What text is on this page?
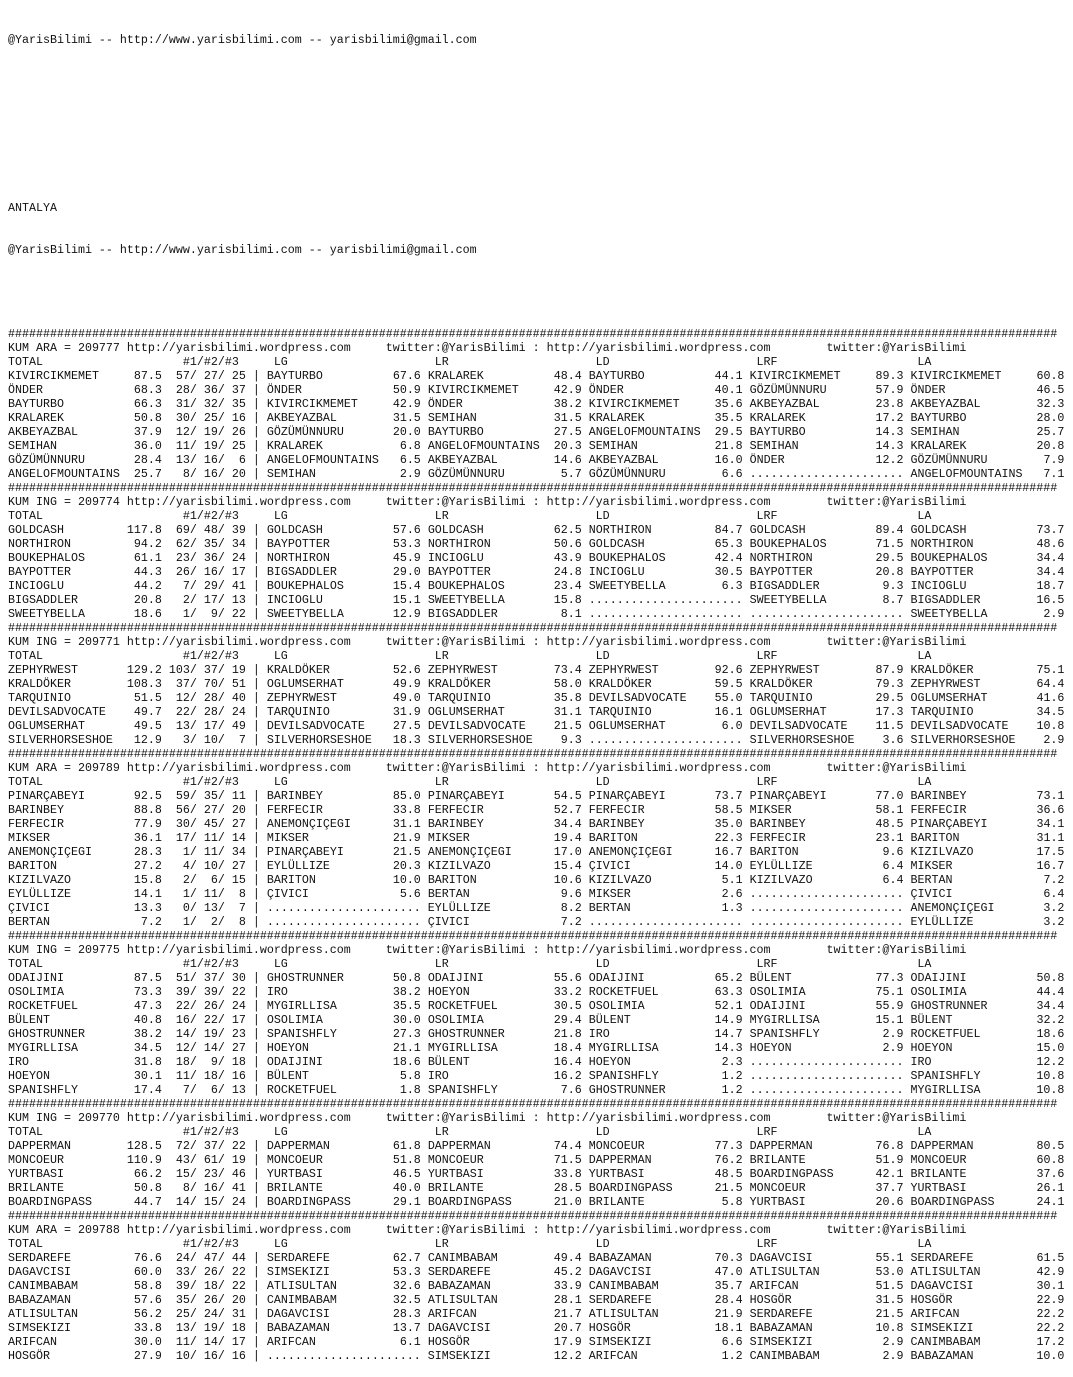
@YarisBilimi -- http://www.yarisbilimi.com -- yarisbilimi@gmail.com

ANTALYA

@YarisBilimi -- http://www.yarisbilimi.com -- yarisbilimi@gmail.com

######################################################################################################################################################
KUM ARA = 209777 http://yarisbilimi.wordpress.com	twitter:@YarisBilimi : http://yarisbilimi.wordpress.com	twitter:@YarisBilimi
TOTAL                    #1/#2/#3     LG                     LR                     LD                     LRF                    LA
KIVIRCIKMEMET     87.5  57/ 27/ 25 | BAYTURBO          67.6 KRALAREK          48.4 BAYTURBO          44.1 KIVIRCIKMEMET     89.3 KIVIRCIKMEMET     60.8
ÖNDER             68.3  28/ 36/ 37 | ÖNDER             50.9 KIVIRCIKMEMET     42.9 ÖNDER             40.1 GÖZÜMÜNNURU       57.9 ÖNDER             46.5
BAYTURBO          66.3  31/ 32/ 35 | KIVIRCIKMEMET     42.9 ÖNDER             38.2 KIVIRCIKMEMET     35.6 AKBEYAZBAL        23.8 AKBEYAZBAL        32.3
KRALAREK          50.8  30/ 25/ 16 | AKBEYAZBAL        31.5 SEMIHAN           31.5 KRALAREK          35.5 KRALAREK          17.2 BAYTURBO          28.0
AKBEYAZBAL        37.9  12/ 19/ 26 | GÖZÜMÜNNURU       20.0 BAYTURBO          27.5 ANGELOFMOUNTAINS  29.5 BAYTURBO          14.3 SEMIHAN           25.7
SEMIHAN           36.0  11/ 19/ 25 | KRALAREK           6.8 ANGELOFMOUNTAINS  20.3 SEMIHAN           21.8 SEMIHAN           14.3 KRALAREK          20.8
GÖZÜMÜNNURU       28.4  13/ 16/  6 | ANGELOFMOUNTAINS   6.5 AKBEYAZBAL        14.6 AKBEYAZBAL        16.0 ÖNDER             12.2 GÖZÜMÜNNURU        7.9
ANGELOFMOUNTAINS  25.7   8/ 16/ 20 | SEMIHAN            2.9 GÖZÜMÜNNURU        5.7 GÖZÜMÜNNURU        6.6 ...................... ANGELOFMOUNTAINS   7.1
######################################################################################################################################################
KUM ING = 209774 http://yarisbilimi.wordpress.com	twitter:@YarisBilimi : http://yarisbilimi.wordpress.com	twitter:@YarisBilimi
TOTAL                    #1/#2/#3     LG                     LR                     LD                     LRF                    LA
GOLDCASH         117.8  69/ 48/ 39 | GOLDCASH          57.6 GOLDCASH          62.5 NORTHIRON         84.7 GOLDCASH          89.4 GOLDCASH          73.7
NORTHIRON         94.2  62/ 35/ 34 | BAYPOTTER         53.3 NORTHIRON         50.6 GOLDCASH          65.3 BOUKEPHALOS       71.5 NORTHIRON         48.6
BOUKEPHALOS       61.1  23/ 36/ 24 | NORTHIRON         45.9 INCIOGLU          43.9 BOUKEPHALOS       42.4 NORTHIRON         29.5 BOUKEPHALOS       34.4
BAYPOTTER         44.3  26/ 16/ 17 | BIGSADDLER        29.0 BAYPOTTER         24.8 INCIOGLU          30.5 BAYPOTTER         20.8 BAYPOTTER         34.4
INCIOGLU          44.2   7/ 29/ 41 | BOUKEPHALOS       15.4 BOUKEPHALOS       23.4 SWEETYBELLA        6.3 BIGSADDLER         9.3 INCIOGLU          18.7
BIGSADDLER        20.8   2/ 17/ 13 | INCIOGLU          15.1 SWEETYBELLA       15.8 ...................... SWEETYBELLA        8.7 BIGSADDLER        16.5
SWEETYBELLA       18.6   1/  9/ 22 | SWEETYBELLA       12.9 BIGSADDLER         8.1 ...................... ...................... SWEETYBELLA        2.9
######################################################################################################################################################
KUM ING = 209771 http://yarisbilimi.wordpress.com	twitter:@YarisBilimi : http://yarisbilimi.wordpress.com	twitter:@YarisBilimi
TOTAL                    #1/#2/#3     LG                     LR                     LD                     LRF                    LA
ZEPHYRWEST       129.2 103/ 37/ 19 | KRALDÖKER         52.6 ZEPHYRWEST        73.4 ZEPHYRWEST        92.6 ZEPHYRWEST        87.9 KRALDÖKER         75.1
KRALDÖKER        108.3  37/ 70/ 51 | OGLUMSERHAT       49.9 KRALDÖKER         58.0 KRALDÖKER         59.5 KRALDÖKER         79.3 ZEPHYRWEST        64.4
TARQUINIO         51.5  12/ 28/ 40 | ZEPHYRWEST        49.0 TARQUINIO         35.8 DEVILSADVOCATE    55.0 TARQUINIO         29.5 OGLUMSERHAT       41.6
DEVILSADVOCATE    49.7  22/ 28/ 24 | TARQUINIO         31.9 OGLUMSERHAT       31.1 TARQUINIO         16.1 OGLUMSERHAT       17.3 TARQUINIO         34.5
OGLUMSERHAT       49.5  13/ 17/ 49 | DEVILSADVOCATE    27.5 DEVILSADVOCATE    21.5 OGLUMSERHAT        6.0 DEVILSADVOCATE    11.5 DEVILSADVOCATE    10.8
SILVERHORSESHOE   12.9   3/ 10/  7 | SILVERHORSESHOE   18.3 SILVERHORSESHOE    9.3 ...................... SILVERHORSESHOE    3.6 SILVERHORSESHOE    2.9
######################################################################################################################################################
KUM ARA = 209789 http://yarisbilimi.wordpress.com	twitter:@YarisBilimi : http://yarisbilimi.wordpress.com	twitter:@YarisBilimi
TOTAL                    #1/#2/#3     LG                     LR                     LD                     LRF                    LA
PINARÇABEYI       92.5  59/ 35/ 11 | BARINBEY          85.0 PINARÇABEYI       54.5 PINARÇABEYI       73.7 PINARÇABEYI       77.0 BARINBEY          73.1
BARINBEY          88.8  56/ 27/ 20 | FERFECIR          33.8 FERFECIR          52.7 FERFECIR          58.5 MIKSER            58.1 FERFECIR          36.6
FERFECIR          77.9  30/ 45/ 27 | ANEMONÇIÇEGI      31.1 BARINBEY          34.4 BARINBEY          35.0 BARINBEY          48.5 PINARÇABEYI       34.1
MIKSER            36.1  17/ 11/ 14 | MIKSER            21.9 MIKSER            19.4 BARITON           22.3 FERFECIR          23.1 BARITON           31.1
ANEMONÇIÇEGI      28.3   1/ 11/ 34 | PINARÇABEYI       21.5 ANEMONÇIÇEGI      17.0 ANEMONÇIÇEGI      16.7 BARITON            9.6 KIZILVAZO         17.5
BARITON           27.2   4/ 10/ 27 | EYLÜLLIZE         20.3 KIZILVAZO         15.4 ÇIVICI            14.0 EYLÜLLIZE          6.4 MIKSER            16.7
KIZILVAZO         15.8   2/  6/ 15 | BARITON           10.0 BARITON           10.6 KIZILVAZO          5.1 KIZILVAZO          6.4 BERTAN             7.2
EYLÜLLIZE         14.1   1/ 11/  8 | ÇIVICI             5.6 BERTAN             9.6 MIKSER             2.6 ...................... ÇIVICI             6.4
ÇIVICI            13.3   0/ 13/  7 | ...................... EYLÜLLIZE          8.2 BERTAN             1.3 ...................... ANEMONÇIÇEGI       3.2
BERTAN             7.2   1/  2/  8 | ...................... ÇIVICI             7.2 ...................... ...................... EYLÜLLIZE          3.2
######################################################################################################################################################
KUM ING = 209775 http://yarisbilimi.wordpress.com	twitter:@YarisBilimi : http://yarisbilimi.wordpress.com	twitter:@YarisBilimi
TOTAL                    #1/#2/#3     LG                     LR                     LD                     LRF                    LA
ODAIJINI          87.5  51/ 37/ 30 | GHOSTRUNNER       50.8 ODAIJINI          55.6 ODAIJINI          65.2 BÜLENT            77.3 ODAIJINI          50.8
OSOLIMIA          73.3  39/ 39/ 22 | IRO               38.2 HOEYON            33.2 ROCKETFUEL        63.3 OSOLIMIA          75.1 OSOLIMIA          44.4
ROCKETFUEL        47.3  22/ 26/ 24 | MYGIRLLISA        35.5 ROCKETFUEL        30.5 OSOLIMIA          52.1 ODAIJINI          55.9 GHOSTRUNNER       34.4
BÜLENT            40.8  16/ 22/ 17 | OSOLIMIA          30.0 OSOLIMIA          29.4 BÜLENT            14.9 MYGIRLLISA        15.1 BÜLENT            32.2
GHOSTRUNNER       38.2  14/ 19/ 23 | SPANISHFLY        27.3 GHOSTRUNNER       21.8 IRO               14.7 SPANISHFLY         2.9 ROCKETFUEL        18.6
MYGIRLLISA        34.5  12/ 14/ 27 | HOEYON            21.1 MYGIRLLISA        18.4 MYGIRLLISA        14.3 HOEYON             2.9 HOEYON            15.0
IRO               31.8  18/  9/ 18 | ODAIJINI          18.6 BÜLENT            16.4 HOEYON             2.3 ...................... IRO               12.2
HOEYON            30.1  11/ 18/ 16 | BÜLENT             5.8 IRO               16.2 SPANISHFLY         1.2 ...................... SPANISHFLY        10.8
SPANISHFLY        17.4   7/  6/ 13 | ROCKETFUEL         1.8 SPANISHFLY         7.6 GHOSTRUNNER        1.2 ...................... MYGIRLLISA        10.8
######################################################################################################################################################
KUM ING = 209770 http://yarisbilimi.wordpress.com	twitter:@YarisBilimi : http://yarisbilimi.wordpress.com	twitter:@YarisBilimi
TOTAL                    #1/#2/#3     LG                     LR                     LD                     LRF                    LA
DAPPERMAN        128.5  72/ 37/ 22 | DAPPERMAN         61.8 DAPPERMAN         74.4 MONCOEUR          77.3 DAPPERMAN         76.8 DAPPERMAN         80.5
MONCOEUR         110.9  43/ 61/ 19 | MONCOEUR          51.8 MONCOEUR          71.5 DAPPERMAN         76.2 BRILANTE          51.9 MONCOEUR          60.8
YURTBASI          66.2  15/ 23/ 46 | YURTBASI          46.5 YURTBASI          33.8 YURTBASI          48.5 BOARDINGPASS      42.1 BRILANTE          37.6
BRILANTE          50.8   8/ 16/ 41 | BRILANTE          40.0 BRILANTE          28.5 BOARDINGPASS      21.5 MONCOEUR          37.7 YURTBASI          26.1
BOARDINGPASS      44.7  14/ 15/ 24 | BOARDINGPASS      29.1 BOARDINGPASS      21.0 BRILANTE           5.8 YURTBASI          20.6 BOARDINGPASS      24.1
######################################################################################################################################################
KUM ARA = 209788 http://yarisbilimi.wordpress.com	twitter:@YarisBilimi : http://yarisbilimi.wordpress.com	twitter:@YarisBilimi
TOTAL                    #1/#2/#3     LG                     LR                     LD                     LRF                    LA
SERDAREFE         76.6  24/ 47/ 44 | SERDAREFE         62.7 CANIMBABAM        49.4 BABAZAMAN         70.3 DAGAVCISI         55.1 SERDAREFE         61.5
DAGAVCISI         60.0  33/ 26/ 22 | SIMSEKIZI         53.3 SERDAREFE         45.2 DAGAVCISI         47.0 ATLISULTAN        53.0 ATLISULTAN        42.9
CANIMBABAM        58.8  39/ 18/ 22 | ATLISULTAN        32.6 BABAZAMAN         33.9 CANIMBABAM        35.7 ARIFCAN           51.5 DAGAVCISI         30.1
BABAZAMAN         57.6  35/ 26/ 20 | CANIMBABAM        32.5 ATLISULTAN        28.1 SERDAREFE         28.4 HOSGÖR            31.5 HOSGÖR            22.9
ATLISULTAN        56.2  25/ 24/ 31 | DAGAVCISI         28.3 ARIFCAN           21.7 ATLISULTAN        21.9 SERDAREFE         21.5 ARIFCAN           22.2
SIMSEKIZI         33.8  13/ 19/ 18 | BABAZAMAN         13.7 DAGAVCISI         20.7 HOSGÖR            18.1 BABAZAMAN         10.8 SIMSEKIZI         22.2
ARIFCAN           30.0  11/ 14/ 17 | ARIFCAN            6.1 HOSGÖR            17.9 SIMSEKIZI          6.6 SIMSEKIZI          2.9 CANIMBABAM        17.2
HOSGÖR            27.9  10/ 16/ 16 | ...................... SIMSEKIZI         12.2 ARIFCAN            1.2 CANIMBABAM         2.9 BABAZAMAN         10.0
